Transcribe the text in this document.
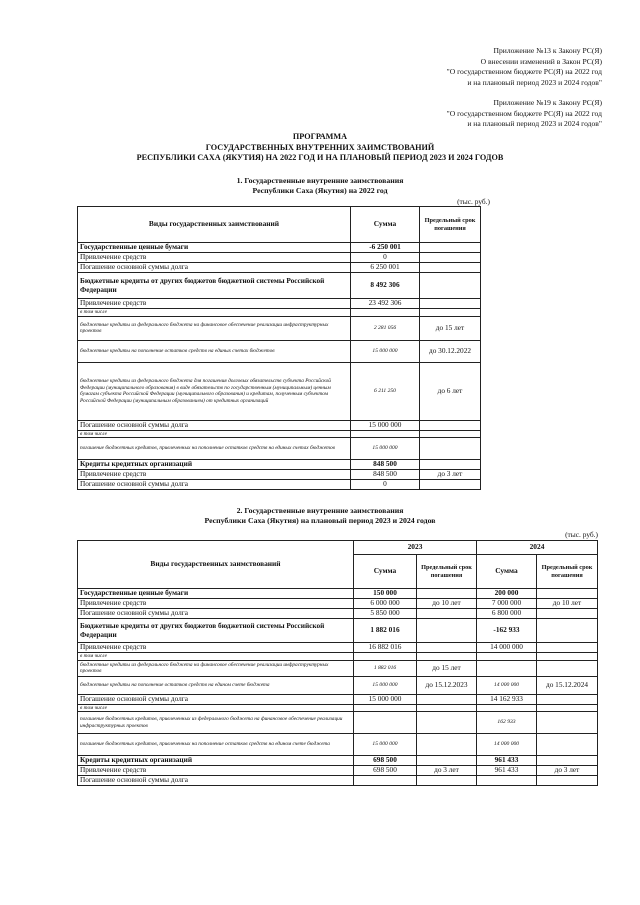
Приложение №13 к Закону РС(Я)
О внесении изменений в Закон РС(Я)
"О государственном бюджете РС(Я) на 2022 год
и на плановый период 2023 и 2024 годов"
Приложение №19 к Закону РС(Я)
"О государственном бюджете РС(Я) на 2022 год
и на плановый период 2023 и 2024 годов"
ПРОГРАММА
ГОСУДАРСТВЕННЫХ ВНУТРЕННИХ ЗАИМСТВОВАНИЙ
РЕСПУБЛИКИ САХА (ЯКУТИЯ) НА 2022 ГОД И НА ПЛАНОВЫЙ ПЕРИОД 2023 И 2024 ГОДОВ
1. Государственные внутренние заимствования
Республики Саха (Якутия) на 2022 год
(тыс. руб.)
Виды государственных заимствований	Сумма	Предельный срок погашения
Государственные ценные бумаги	-6 250 001	
Привлечение средств	0	
Погашение основной суммы долга	6 250 001	
Бюджетные кредиты от других бюджетов бюджетной системы Российской Федерации	8 492 306	
Привлечение средств	23 492 306	
в том числе		
бюджетные кредиты из федерального бюджета на финансовое обеспечение реализации инфраструктурных проектов	2 281 056	до 15 лет
бюджетные кредиты на пополнение остатков средств на единых счетах бюджетов	15 000 000	до 30.12.2022
бюджетные кредиты из федерального бюджета для погашения долговых обязательств субъекта Российской Федерации (муниципального образования) в виде обязательств по государственным (муниципальным) ценным бумагам субъекта Российской Федерации (муниципального образования) и кредитам, полученным субъектом Российской Федерации (муниципальным образованием) от кредитных организаций	6 211 250	до 6 лет
Погашение основной суммы долга	15 000 000	
в том числе		
погашение бюджетных кредитов, привлеченных на пополнение остатков средств на единых счетах бюджетов	15 000 000	
Кредиты кредитных организаций	848 500	
Привлечение средств	848 500	до 3 лет
Погашение основной суммы долга	0	
2. Государственные внутренние заимствования
Республики Саха (Якутия) на плановый период 2023 и 2024 годов
(тыс. руб.)
Виды государственных заимствований	2023		2024	
	Сумма	Предельный срок погашения	Сумма	Предельный срок погашения
Государственные ценные бумаги	150 000		200 000	
Привлечение средств	6 000 000	до 10 лет	7 000 000	до 10 лет
Погашение основной суммы долга	5 850 000		6 800 000	
Бюджетные кредиты от других бюджетов бюджетной системы Российской Федерации	1 882 016		-162 933	
Привлечение средств	16 882 016		14 000 000	
в том числе				
бюджетные кредиты из федерального бюджета на финансовое обеспечение реализации инфраструктурных проектов	1 882 016	до 15 лет		
бюджетные кредиты на пополнение остатков средств на едином счете бюджета	15 000 000	до 15.12.2023	14 000 000	до 15.12.2024
Погашение основной суммы долга	15 000 000		14 162 933	
в том числе				
погашение бюджетных кредитов, привлеченных из федерального бюджета на финансовое обеспечение реализации инфраструктурных проектов			162 933	
погашение бюджетных кредитов, привлеченных на пополнение остатков средств на едином счете бюджета	15 000 000		14 000 000	
Кредиты кредитных организаций	698 500		961 433	
Привлечение средств	698 500	до 3 лет	961 433	до 3 лет
Погашение основной суммы долга				
